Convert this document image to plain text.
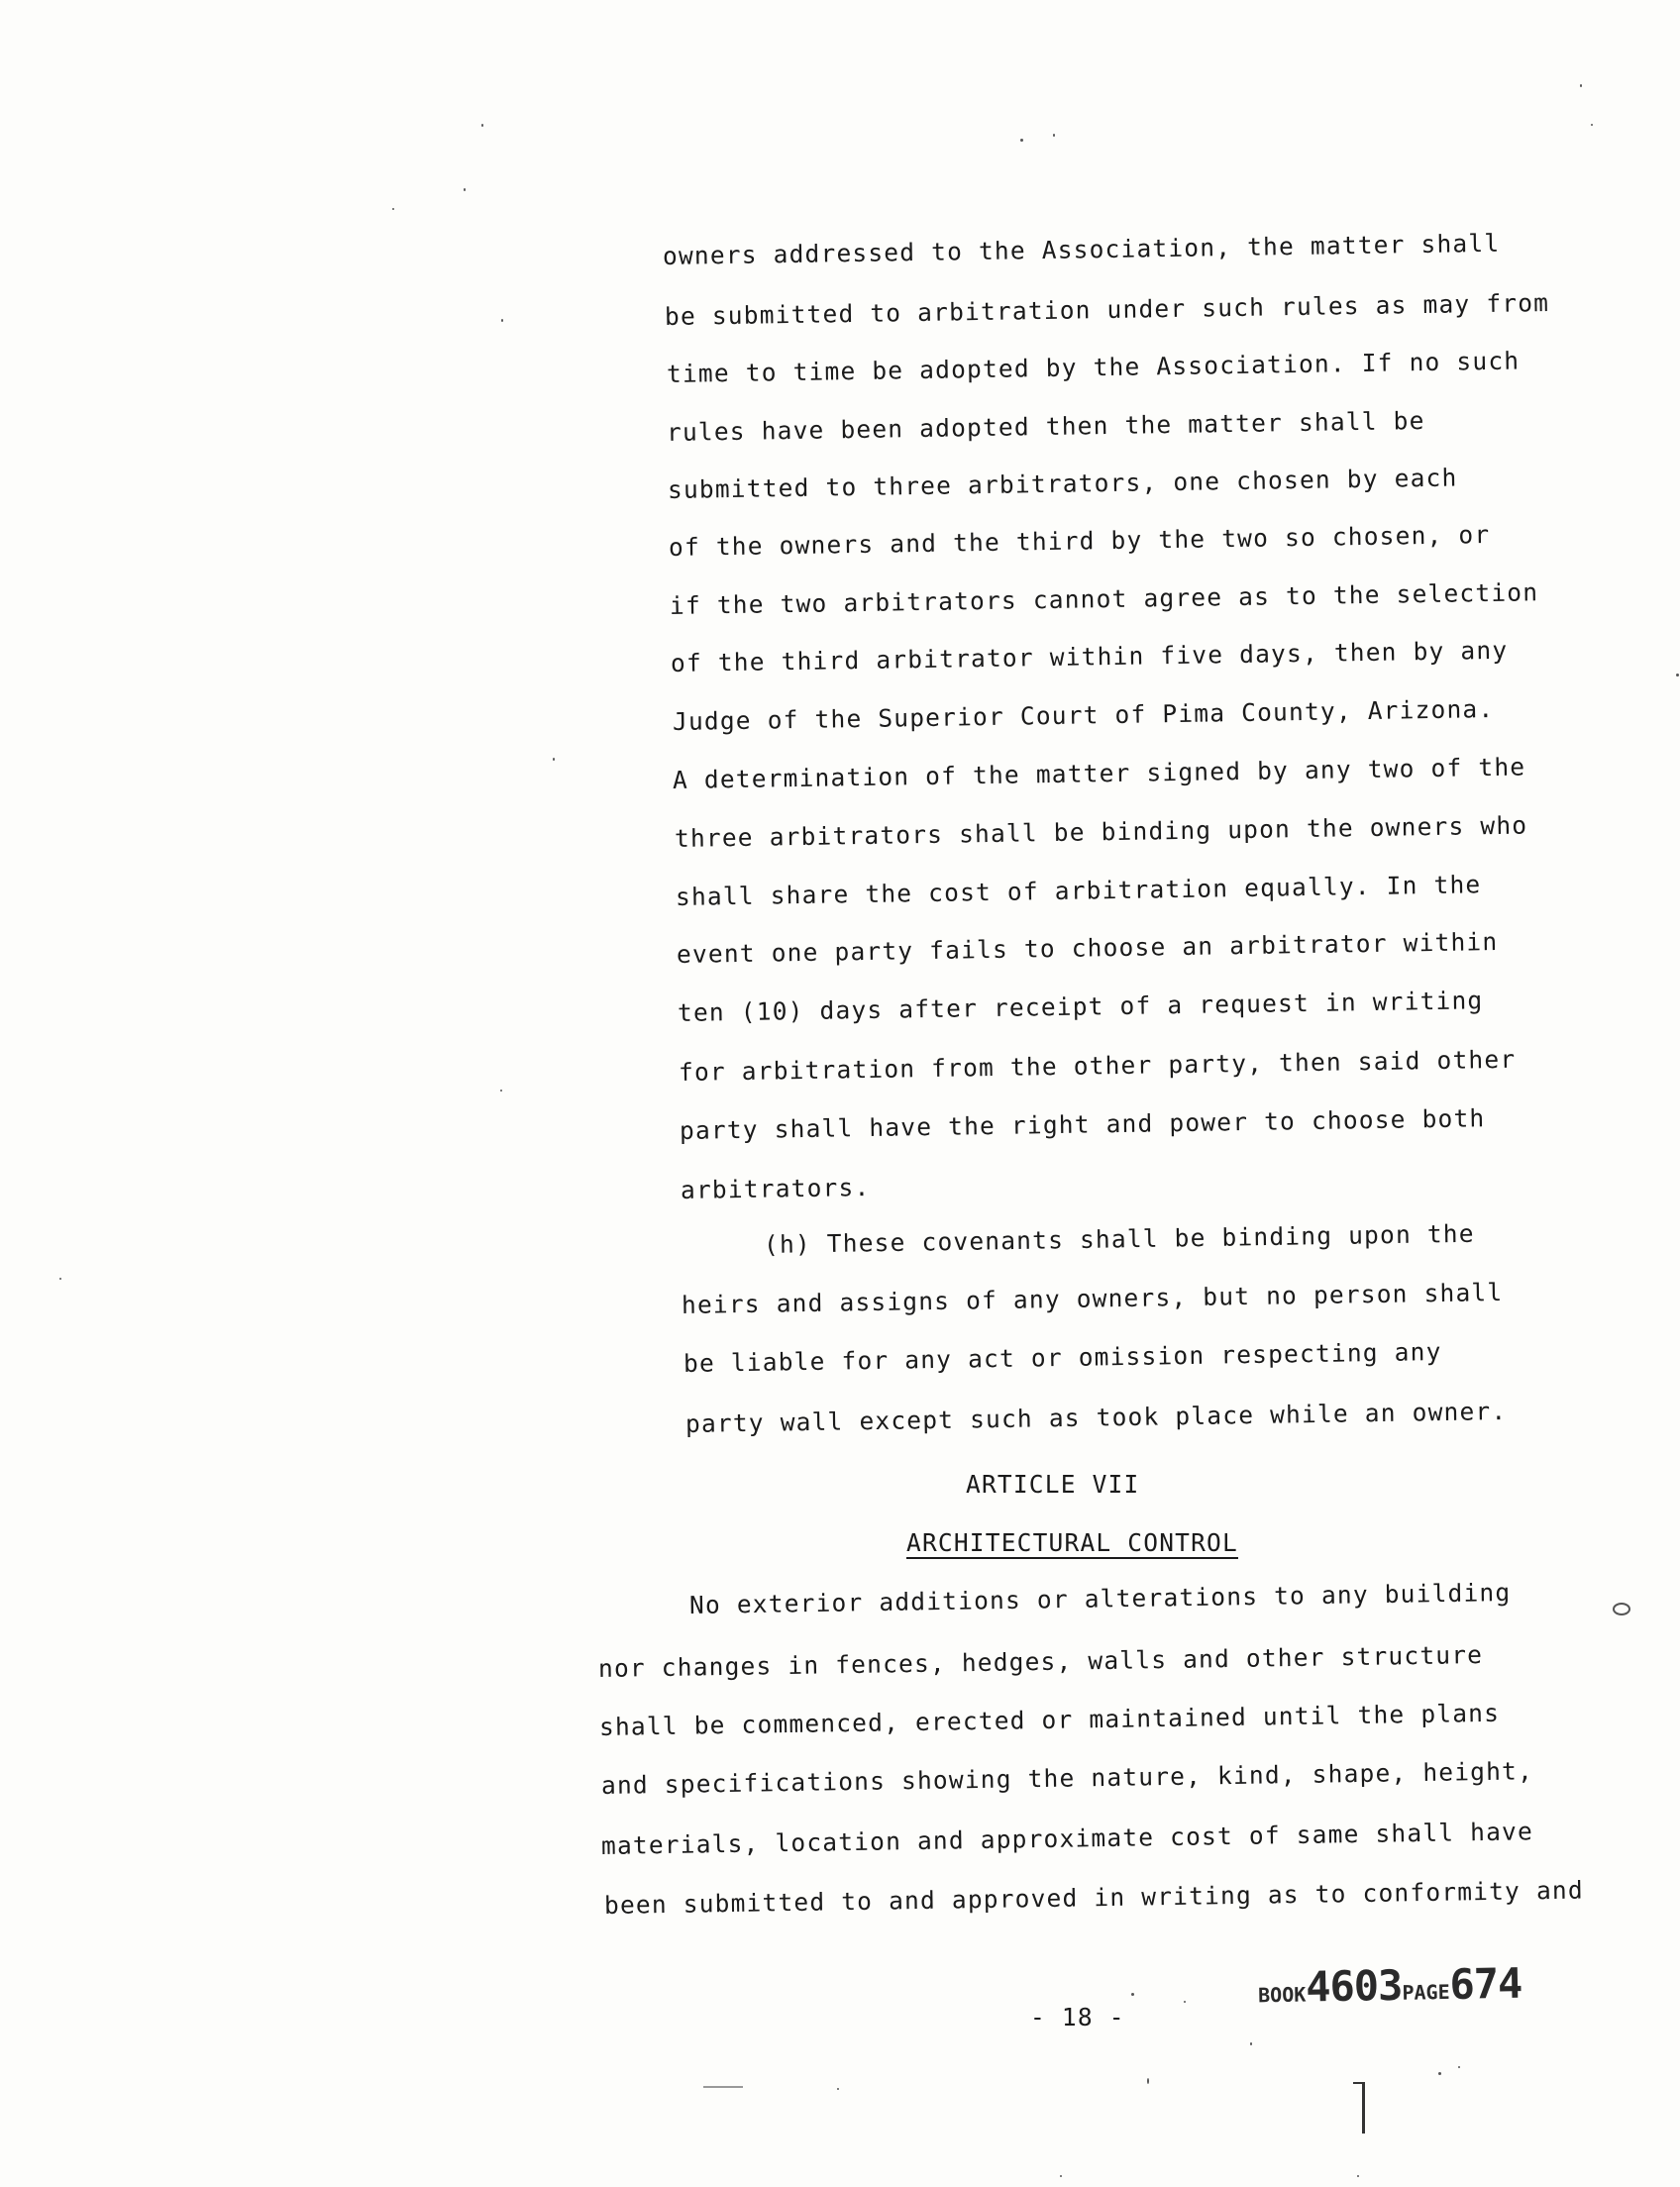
owners addressed to the Association, the matter shall
be submitted to arbitration under such rules as may from
time to time be adopted by the Association. If no such
rules have been adopted then the matter shall be
submitted to three arbitrators, one chosen by each
of the owners and the third by the two so chosen, or
if the two arbitrators cannot agree as to the selection
of the third arbitrator within five days, then by any
Judge of the Superior Court of Pima County, Arizona.
A determination of the matter signed by any two of the
three arbitrators shall be binding upon the owners who
shall share the cost of arbitration equally. In the
event one party fails to choose an arbitrator within
ten (10) days after receipt of a request in writing
for arbitration from the other party, then said other
party shall have the right and power to choose both
arbitrators.
(h) These covenants shall be binding upon the
heirs and assigns of any owners, but no person shall
be liable for any act or omission respecting any
party wall except such as took place while an owner.
ARTICLE VII
ARCHITECTURAL CONTROL
No exterior additions or alterations to any building
nor changes in fences, hedges, walls and other structure
shall be commenced, erected or maintained until the plans
and specifications showing the nature, kind, shape, height,
materials, location and approximate cost of same shall have
been submitted to and approved in writing as to conformity and
- 18 -
BOOK4603PAGE674
